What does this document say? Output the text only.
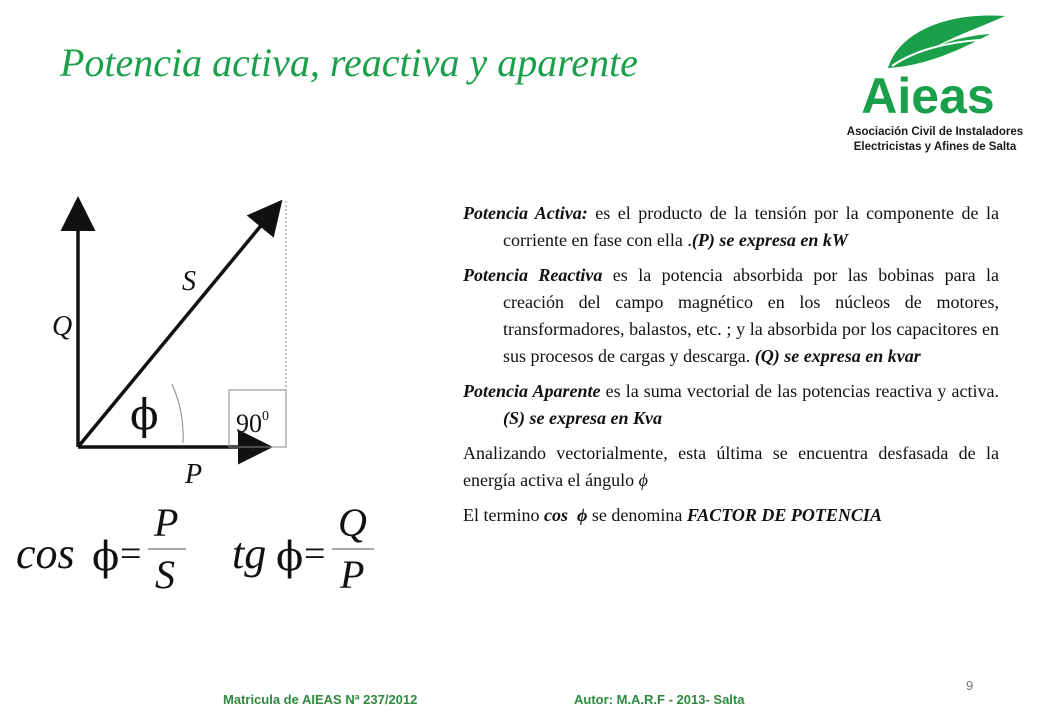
Potencia activa, reactiva y aparente
Aieas
Asociación Civil de Instaladores
Electricistas y Afines de Salta
Q
S
P
ϕ	$90^0$
cos ϕ =
P
S tg ϕ =
Q
P

Potencia Activa: es el producto de la tensión por la componente de la corriente en fase con ella .(P) se expresa en kW

Potencia Reactiva es la potencia absorbida por las bobinas para la creación del campo magnético en los núcleos de motores, transformadores, balastos, etc. ; y la absorbida por los capacitores en sus procesos de cargas y descarga. (Q) se expresa en kvar

Potencia Aparente es la suma vectorial de las potencias reactiva y activa. (S) se expresa en Kva

Analizando vectorialmente, esta última se encuentra desfasada de la energía activa el ángulo ϕ

El termino cos ϕ se denomina FACTOR DE POTENCIA

Matricula de AIEAS Nª 237/2012	Autor: M.A.R.F - 2013- Salta
9
